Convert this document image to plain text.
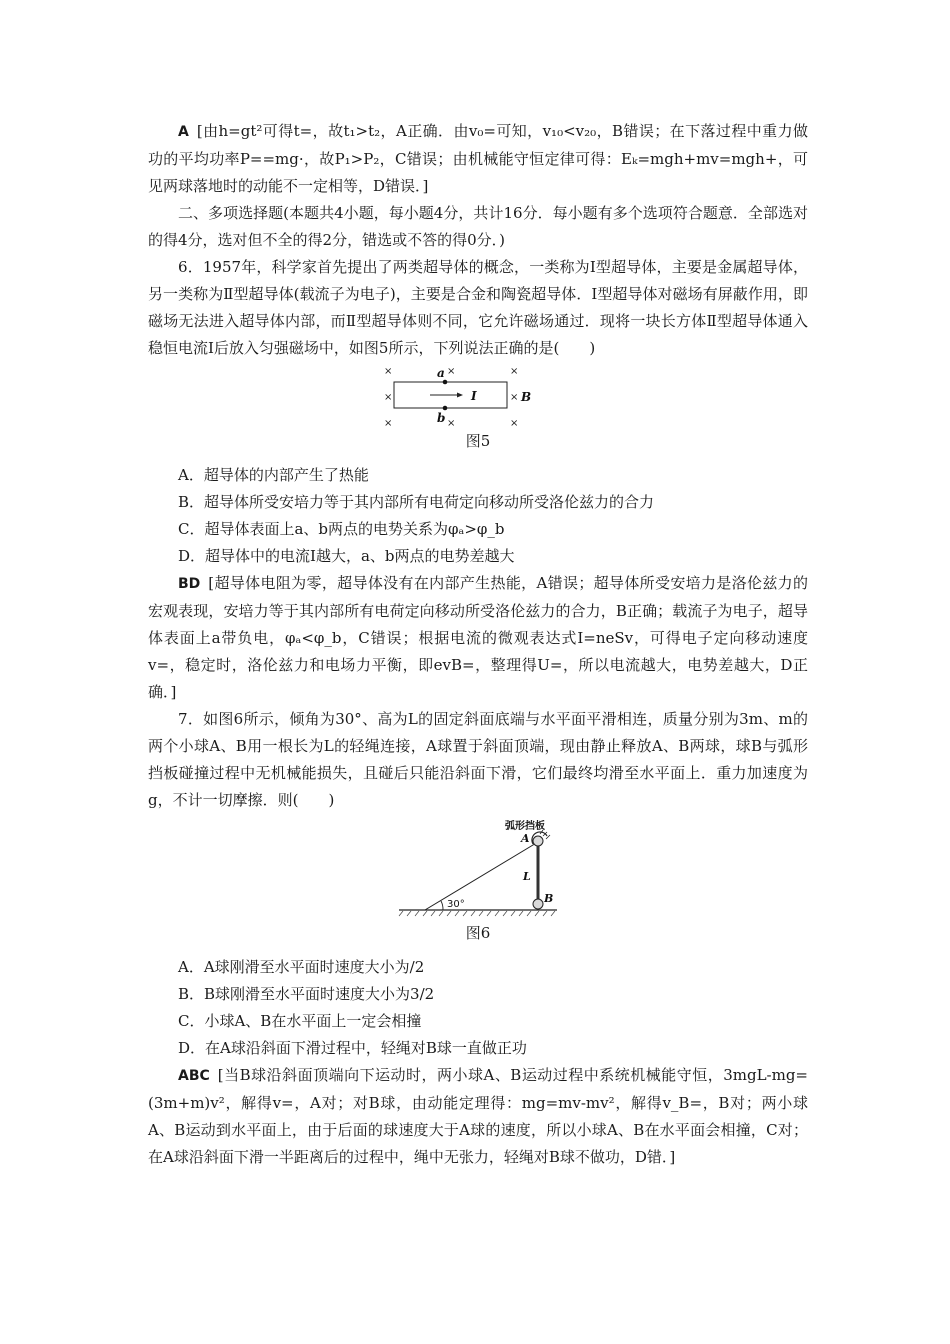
A [由h=gt²可得t=，故t₁>t₂，A正确．由v₀=可知，v₁₀<v₂₀，B错误；在下落过程中重力做功的平均功率P==mg·，故P₁>P₂，C错误；由机械能守恒定律可得：Eₖ=mgh+mv=mgh+，可见两球落地时的动能不一定相等，D错误．]

二、多项选择题(本题共4小题，每小题4分，共计16分．每小题有多个选项符合题意．全部选对的得4分，选对但不全的得2分，错选或不答的得0分．)

6．1957年，科学家首先提出了两类超导体的概念，一类称为Ⅰ型超导体，主要是金属超导体，另一类称为Ⅱ型超导体(载流子为电子)，主要是合金和陶瓷超导体．Ⅰ型超导体对磁场有屏蔽作用，即磁场无法进入超导体内部，而Ⅱ型超导体则不同，它允许磁场通过．现将一块长方体Ⅱ型超导体通入稳恒电流I后放入匀强磁场中，如图5所示，下列说法正确的是(　　)

×
×
×
×
×
×
×
×
a
b
I	B
图5

A．超导体的内部产生了热能

B．超导体所受安培力等于其内部所有电荷定向移动所受洛伦兹力的合力

C．超导体表面上a、b两点的电势关系为φₐ>φ_b

D．超导体中的电流I越大，a、b两点的电势差越大

BD [超导体电阻为零，超导体没有在内部产生热能，A错误；超导体所受安培力是洛伦兹力的宏观表现，安培力等于其内部所有电荷定向移动所受洛伦兹力的合力，B正确；载流子为电子，超导体表面上a带负电，φₐ<φ_b，C错误；根据电流的微观表达式I=neSv，可得电子定向移动速度v=，稳定时，洛伦兹力和电场力平衡，即evB=，整理得U=，所以电流越大，电势差越大，D正确．]

7．如图6所示，倾角为30°、高为L的固定斜面底端与水平面平滑相连，质量分别为3m、m的两个小球A、B用一根长为L的轻绳连接，A球置于斜面顶端，现由静止释放A、B两球，球B与弧形挡板碰撞过程中无机械能损失，且碰后只能沿斜面下滑，它们最终均滑至水平面上．重力加速度为g，不计一切摩擦．则(　　)

弧形挡板
30°
A
B
L
图6

A．A球刚滑至水平面时速度大小为/2

B．B球刚滑至水平面时速度大小为3/2

C．小球A、B在水平面上一定会相撞

D．在A球沿斜面下滑过程中，轻绳对B球一直做正功

ABC [当B球沿斜面顶端向下运动时，两小球A、B运动过程中系统机械能守恒，3mgL-mg=(3m+m)v²，解得v=，A对；对B球，由动能定理得：mg=mv-mv²，解得v_B=，B对；两小球A、B运动到水平面上，由于后面的球速度大于A球的速度，所以小球A、B在水平面会相撞，C对；在A球沿斜面下滑一半距离后的过程中，绳中无张力，轻绳对B球不做功，D错．]
